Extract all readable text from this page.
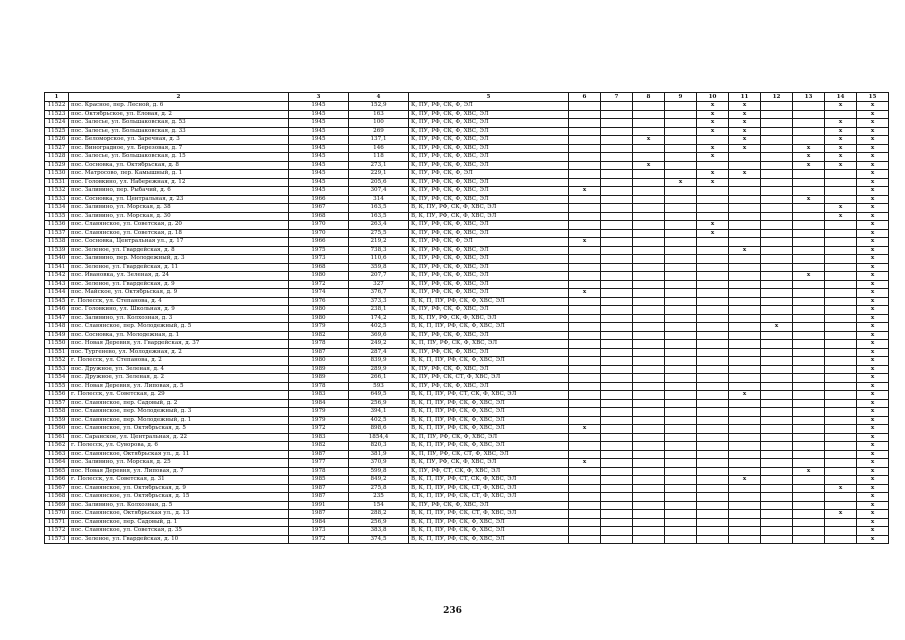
1	2	3	4	5	6	7	8	9	10	11	12	13	14	15
11522	пос. Красное, пер. Лесной, д. 6	1945	152,9	К, ПУ, РФ, СК, Ф, ЭЛ					x	x			x	x
11523	пос. Октябрьское, ул. Еловая, д. 2	1945	163	К, ПУ, РФ, СК, Ф, ХВС, ЭЛ					x	x				x
11524	пос. Залесье, ул. Большаковская, д. 53	1945	100	К, ПУ, РФ, СК, Ф, ХВС, ЭЛ					x	x			x	x
11525	пос. Залесье, ул. Большаковская, д. 33	1945	269	К, ПУ, РФ, СК, Ф, ХВС, ЭЛ					x	x			x	x
11526	пос. Беломорское, ул. Заречная, д. 3	1945	137,1	К, ПУ, РФ, СК, Ф, ХВС, ЭЛ			x			x			x	x
11527	пос. Виноградное, ул. Березовая, д. 7	1945	146	К, ПУ, РФ, СК, Ф, ХВС, ЭЛ					x	x		x	x	x
11528	пос. Залесье, ул. Большаковская, д. 15	1945	118	К, ПУ, РФ, СК, Ф, ХВС, ЭЛ					x			x	x	x
11529	пос. Сосновка, ул. Октябрьская, д. 8	1945	273,1	К, ПУ, РФ, СК, Ф, ХВС, ЭЛ			x					x	x	x
11530	пос. Матросово, пер. Камышный, д. 1	1945	229,1	К, ПУ, РФ, СК, Ф, ЭЛ					x	x				x
11531	пос. Головкино, ул. Набережная, д. 12	1945	205,6	К, ПУ, РФ, СК, Ф, ХВС, ЭЛ				x	x					x
11532	пос. Заливино, пер. Рыбачий, д. 6	1945	307,4	К, ПУ, РФ, СК, Ф, ХВС, ЭЛ	x									x
11533	пос. Сосновка, ул. Центральная, д. 23	1966	314	К, ПУ, РФ, СК, Ф, ХВС, ЭЛ								x		x
11534	пос. Заливино, ул. Морская, д. 38	1967	163,5	В, К, ПУ, РФ, СК, Ф, ХВС, ЭЛ									x	x
11535	пос. Заливино, ул. Морская, д. 30	1968	163,5	В, К, ПУ, РФ, СК, Ф, ХВС, ЭЛ									x	x
11536	пос. Славянское, ул. Советская, д. 20	1970	263,4	К, ПУ, РФ, СК, Ф, ХВС, ЭЛ					x					x
11537	пос. Славянское, ул. Советская, д. 18	1970	275,5	К, ПУ, РФ, СК, Ф, ХВС, ЭЛ					x					x
11538	пос. Сосновка, Центральная ул., д. 17	1966	219,2	К, ПУ, РФ, СК, Ф, ЭЛ	x									x
11539	пос. Зеленое, ул. Гвардейская, д. 8	1975	738,3	К, ПУ, РФ, СК, Ф, ХВС, ЭЛ						x				x
11540	пос. Заливино, пер. Молодежный, д. 3	1973	110,6	К, ПУ, РФ, СК, Ф, ХВС, ЭЛ										x
11541	пос. Зеленое, ул. Гвардейская, д. 11	1968	359,8	К, ПУ, РФ, СК, Ф, ХВС, ЭЛ										x
11542	пос. Ивановка, ул. Зеленая, д. 24	1980	207,7	К, ПУ, РФ, СК, Ф, ХВС, ЭЛ								x		x
11543	пос. Зеленое, ул. Гвардейская, д. 9	1972	327	К, ПУ, РФ, СК, Ф, ХВС, ЭЛ										x
11544	пос. Майское, ул. Октябрьская, д. 9	1974	376,7	К, ПУ, РФ, СК, Ф, ХВС, ЭЛ	x									x
11545	г. Полесск, ул. Степанова, д. 4	1976	373,3	В, К, П, ПУ, РФ, СК, Ф, ХВС, ЭЛ										x
11546	пос. Головкино, ул. Школьная, д. 9	1980	238,1	К, ПУ, РФ, СК, Ф, ХВС, ЭЛ										x
11547	пос. Заливино, ул. Колхозная, д. 3	1980	174,2	В, К, ПУ, РФ, СК, Ф, ХВС, ЭЛ										x
11548	пос. Славянское, пер. Молодежный, д. 5	1979	402,5	В, К, П, ПУ, РФ, СК, Ф, ХВС, ЭЛ							x			x
11549	пос. Сосновка, ул. Молодежная, д. 1	1982	369,6	К, ПУ, РФ, СК, Ф, ХВС, ЭЛ										x
11550	пос. Новая Деревня, ул. Гвардейская, д. 37	1978	249,2	К, П, ПУ, РФ, СК, Ф, ХВС, ЭЛ										x
11551	пос. Тургенево, ул. Молодежная, д. 2	1987	287,4	К, ПУ, РФ, СК, Ф, ХВС, ЭЛ										x
11552	г. Полесск, ул. Степанова, д. 2	1980	839,9	В, К, П, ПУ, РФ, СК, Ф, ХВС, ЭЛ										x
11553	пос. Дружное, ул. Зеленая, д. 4	1989	289,9	К, ПУ, РФ, СК, Ф, ХВС, ЭЛ										x
11554	пос. Дружное, ул. Зеленая, д. 2	1989	266,1	К, ПУ, РФ, СК, СТ, Ф, ХВС, ЭЛ										x
11555	пос. Новая Деревня, ул. Липовая, д. 5	1978	593	К, ПУ, РФ, СК, Ф, ХВС, ЭЛ										x
11556	г. Полесск, ул. Советская, д. 29	1983	649,5	В, К, П, ПУ, РФ, СТ, СК, Ф, ХВС, ЭЛ						x				x
11557	пос. Славянское, пер. Садовый, д. 2	1984	256,9	В, К, П, ПУ, РФ, СК, Ф, ХВС, ЭЛ										x
11558	пос. Славянское, пер. Молодежный, д. 3	1979	394,1	В, К, П, ПУ, РФ, СК, Ф, ХВС, ЭЛ										x
11559	пос. Славянское, пер. Молодежный, д. 1	1979	402,5	В, К, П, ПУ, РФ, СК, Ф, ХВС, ЭЛ										x
11560	пос. Славянское, ул. Октябрьская, д. 5	1972	898,6	В, К, П, ПУ, РФ, СК, Ф, ХВС, ЭЛ	x									x
11561	пос. Саранское, ул. Центральная, д. 22	1983	1854,4	К, П, ПУ, РФ, СК, Ф, ХВС, ЭЛ										x
11562	г. Полесск, ул. Суворова, д. 6	1982	820,3	В, К, П, ПУ, РФ, СК, Ф, ХВС, ЭЛ										x
11563	пос. Славянское, Октябрьская ул., д. 11	1987	381,9	К, П, ПУ, РФ, СК, СТ, Ф, ХВС, ЭЛ										x
11564	пос. Заливино, ул. Морская, д. 25	1977	370,9	В, К, ПУ, РФ, СК, Ф, ХВС, ЭЛ	x									x
11565	пос. Новая Деревня, ул. Липовая, д. 7	1978	599,8	К, ПУ, РФ, СТ, СК, Ф, ХВС, ЭЛ								x		x
11566	г. Полесск, ул. Советская, д. 31	1985	849,2	В, К, П, ПУ, РФ, СТ, СК, Ф, ХВС, ЭЛ						x				x
11567	пос. Славянское, ул. Октябрьская, д. 9	1987	275,8	В, К, П, ПУ, РФ, СК, СТ, Ф, ХВС, ЭЛ									x	x
11568	пос. Славянское, ул. Октябрьская, д. 15	1987	235	В, К, П, ПУ, РФ, СК, СТ, Ф, ХВС, ЭЛ										x
11569	пос. Заливино, ул. Колхозная, д. 5	1991	154	К, ПУ, РФ, СК, Ф, ХВС, ЭЛ										x
11570	пос. Славянское, Октябрьская ул., д. 13	1987	288,2	В, К, П, ПУ, РФ, СК, СТ, Ф, ХВС, ЭЛ									x	x
11571	пос. Славянское, пер. Садовый, д. 1	1984	256,9	В, К, П, ПУ, РФ, СК, Ф, ХВС, ЭЛ										x
11572	пос. Славянское, ул. Советская, д. 35	1973	383,8	В, К, П, ПУ, РФ, СК, Ф, ХВС, ЭЛ										x
11573	пос. Зеленое, ул. Гвардейская, д. 10	1972	374,5	В, К, П, ПУ, РФ, СК, Ф, ХВС, ЭЛ										x
236
